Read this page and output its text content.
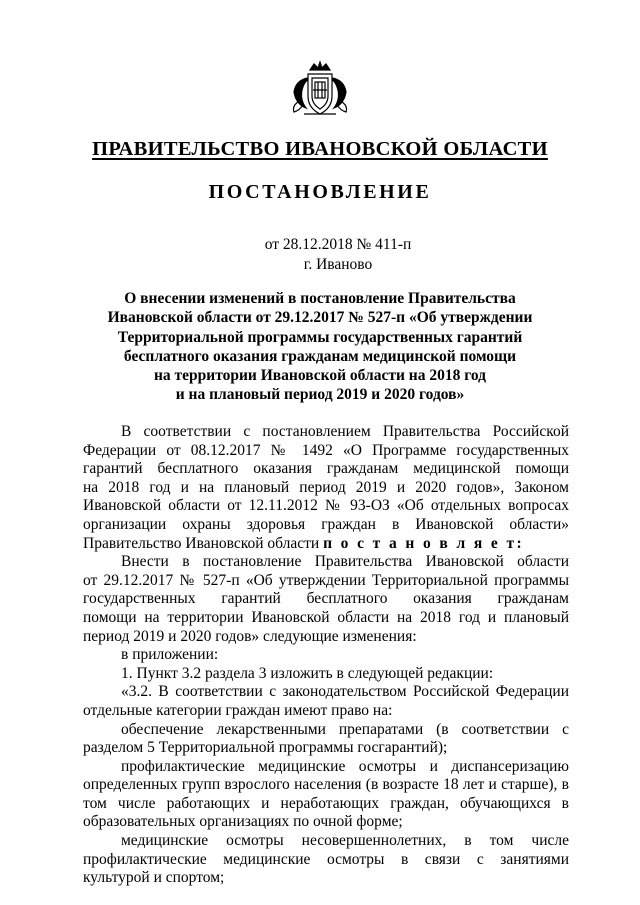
ПРАВИТЕЛЬСТВО ИВАНОВСКОЙ ОБЛАСТИ
ПОСТАНОВЛЕНИЕ
от 28.12.2018 № 411-п
г. Иваново
О внесении изменений в постановление Правительства
Ивановской области от 29.12.2017 № 527-п «Об утверждении
Территориальной программы государственных гарантий
бесплатного оказания гражданам медицинской помощи
на территории Ивановской области на 2018 год
и на плановый период 2019 и 2020 годов»
В соответствии с постановлением Правительства Российской
Федерации от 08.12.2017 № 1492 «О Программе государственных
гарантий бесплатного оказания гражданам медицинской помощи
на 2018 год и на плановый период 2019 и 2020 годов», Законом
Ивановской области от 12.11.2012 № 93-ОЗ «Об отдельных вопросах
организации охраны здоровья граждан в Ивановской области»
Правительство Ивановской области п о с т а н о в л я е т:
Внести в постановление Правительства Ивановской области
от 29.12.2017 № 527-п «Об утверждении Территориальной программы
государственных гарантий бесплатного оказания гражданам
помощи на территории Ивановской области на 2018 год и плановый
период 2019 и 2020 годов» следующие изменения:
в приложении:
1. Пункт 3.2 раздела 3 изложить в следующей редакции:
«3.2. В соответствии с законодательством Российской Федерации
отдельные категории граждан имеют право на:
обеспечение лекарственными препаратами (в соответствии с
разделом 5 Территориальной программы госгарантий);
профилактические медицинские осмотры и диспансеризацию
определенных групп взрослого населения (в возрасте 18 лет и старше), в
том числе работающих и неработающих граждан, обучающихся в
образовательных организациях по очной форме;
медицинские осмотры несовершеннолетних, в том числе
профилактические медицинские осмотры в связи с занятиями
культурой и спортом;
